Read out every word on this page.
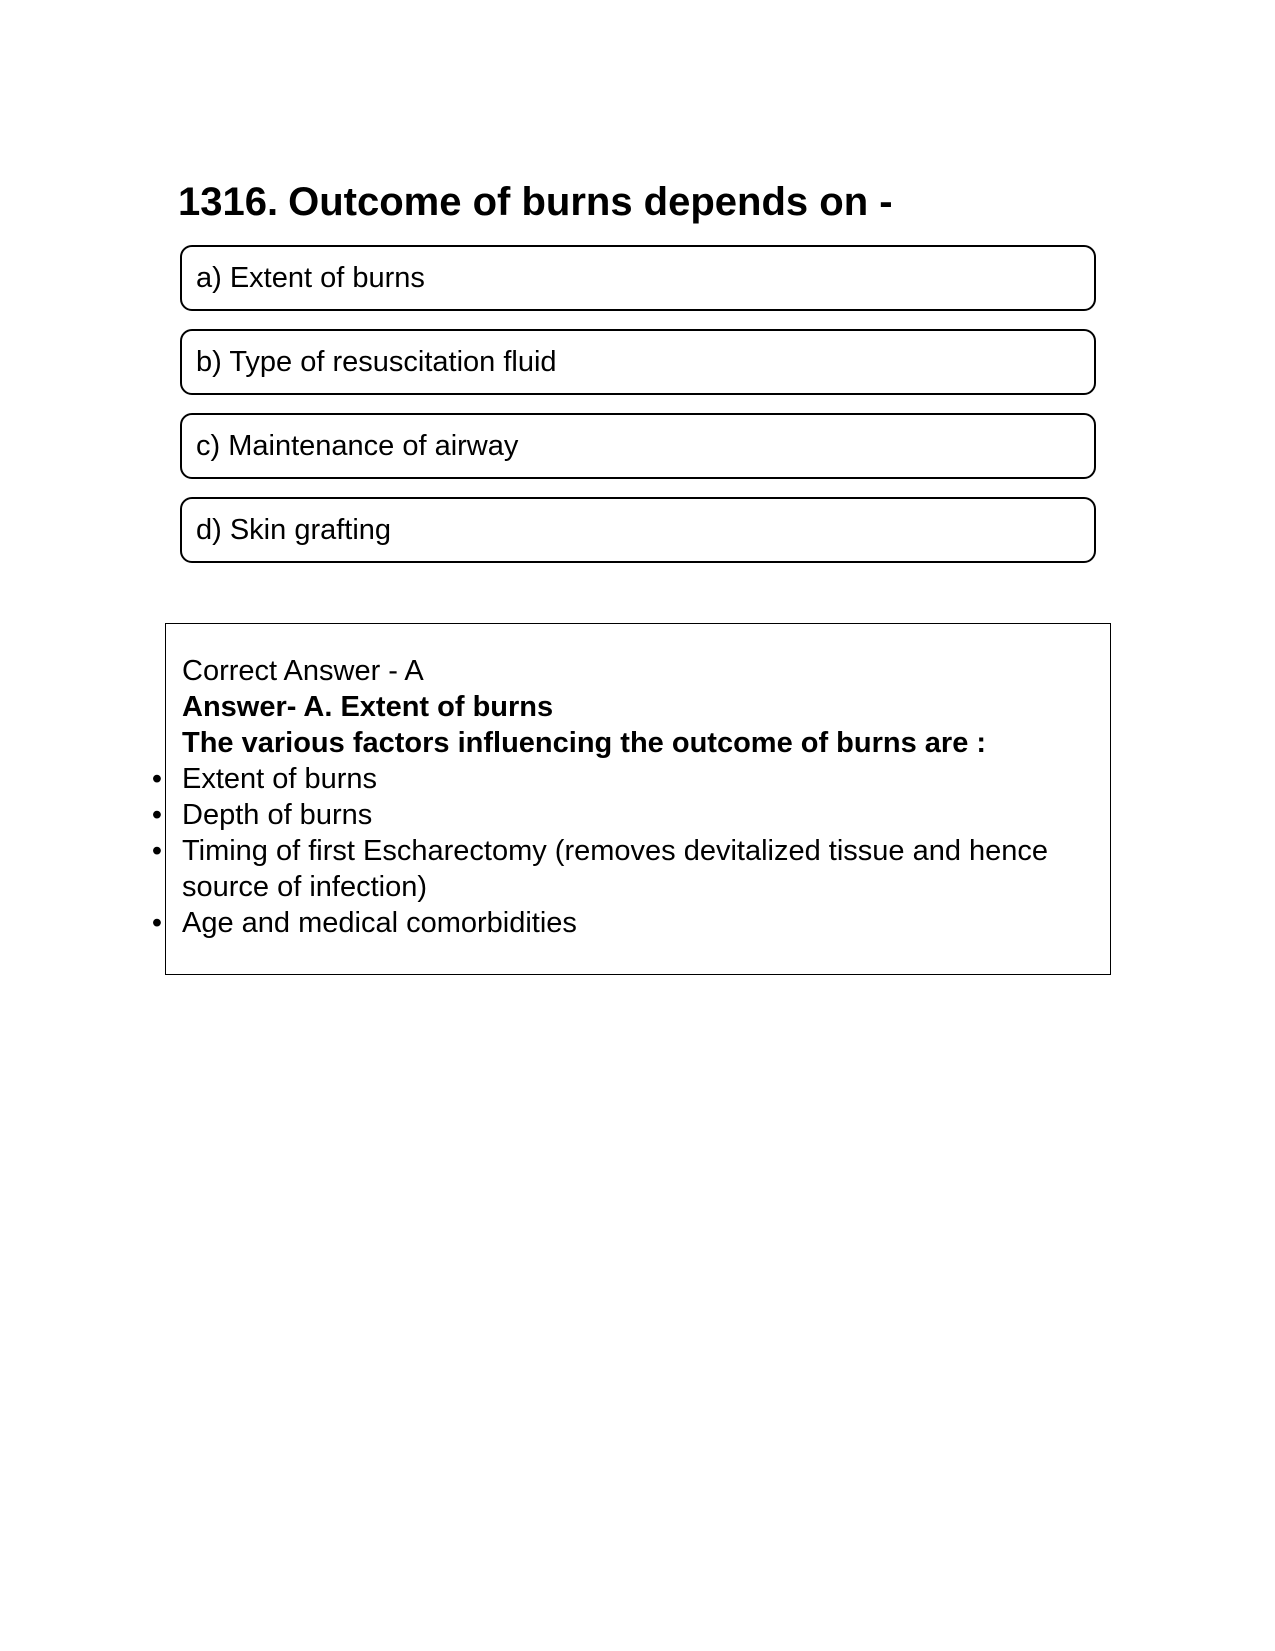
1316. Outcome of burns depends on -
a) Extent of burns
b) Type of resuscitation fluid
c) Maintenance of airway
d) Skin grafting

Correct Answer - A

Answer- A. Extent of burns

The various factors influencing the outcome of burns are :

• Extent of burns
• Depth of burns
• Timing of first Escharectomy (removes devitalized tissue and hence source of infection)
• Age and medical comorbidities
